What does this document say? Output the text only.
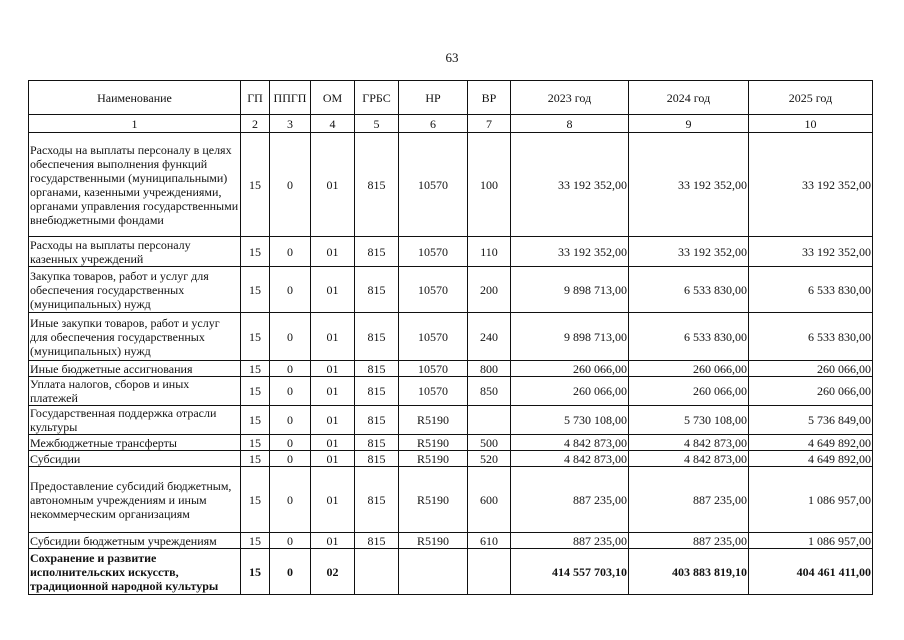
63
Наименование	ГП	ППГП	ОМ	ГРБС	НР	ВР	2023 год	2024 год	2025 год
1	2	3	4	5	6	7	8	9	10
Расходы на выплаты персоналу в целях обеспечения выполнения функций государственными (муниципальными) органами, казенными учреждениями, органами управления государственными внебюджетными фондами	15	0	01	815	10570	100	33 192 352,00	33 192 352,00	33 192 352,00
Расходы на выплаты персоналу казенных учреждений	15	0	01	815	10570	110	33 192 352,00	33 192 352,00	33 192 352,00
Закупка товаров, работ и услуг для обеспечения государственных (муниципальных) нужд	15	0	01	815	10570	200	9 898 713,00	6 533 830,00	6 533 830,00
Иные закупки товаров, работ и услуг для обеспечения государственных (муниципальных) нужд	15	0	01	815	10570	240	9 898 713,00	6 533 830,00	6 533 830,00
Иные бюджетные ассигнования	15	0	01	815	10570	800	260 066,00	260 066,00	260 066,00
Уплата налогов, сборов и иных платежей	15	0	01	815	10570	850	260 066,00	260 066,00	260 066,00
Государственная поддержка отрасли культуры	15	0	01	815	R5190		5 730 108,00	5 730 108,00	5 736 849,00
Межбюджетные трансферты	15	0	01	815	R5190	500	4 842 873,00	4 842 873,00	4 649 892,00
Субсидии	15	0	01	815	R5190	520	4 842 873,00	4 842 873,00	4 649 892,00
Предоставление субсидий бюджетным, автономным учреждениям и иным некоммерческим организациям	15	0	01	815	R5190	600	887 235,00	887 235,00	1 086 957,00
Субсидии бюджетным учреждениям	15	0	01	815	R5190	610	887 235,00	887 235,00	1 086 957,00
Сохранение и развитие исполнительских искусств, традиционной народной культуры	15	0	02				414 557 703,10	403 883 819,10	404 461 411,00
